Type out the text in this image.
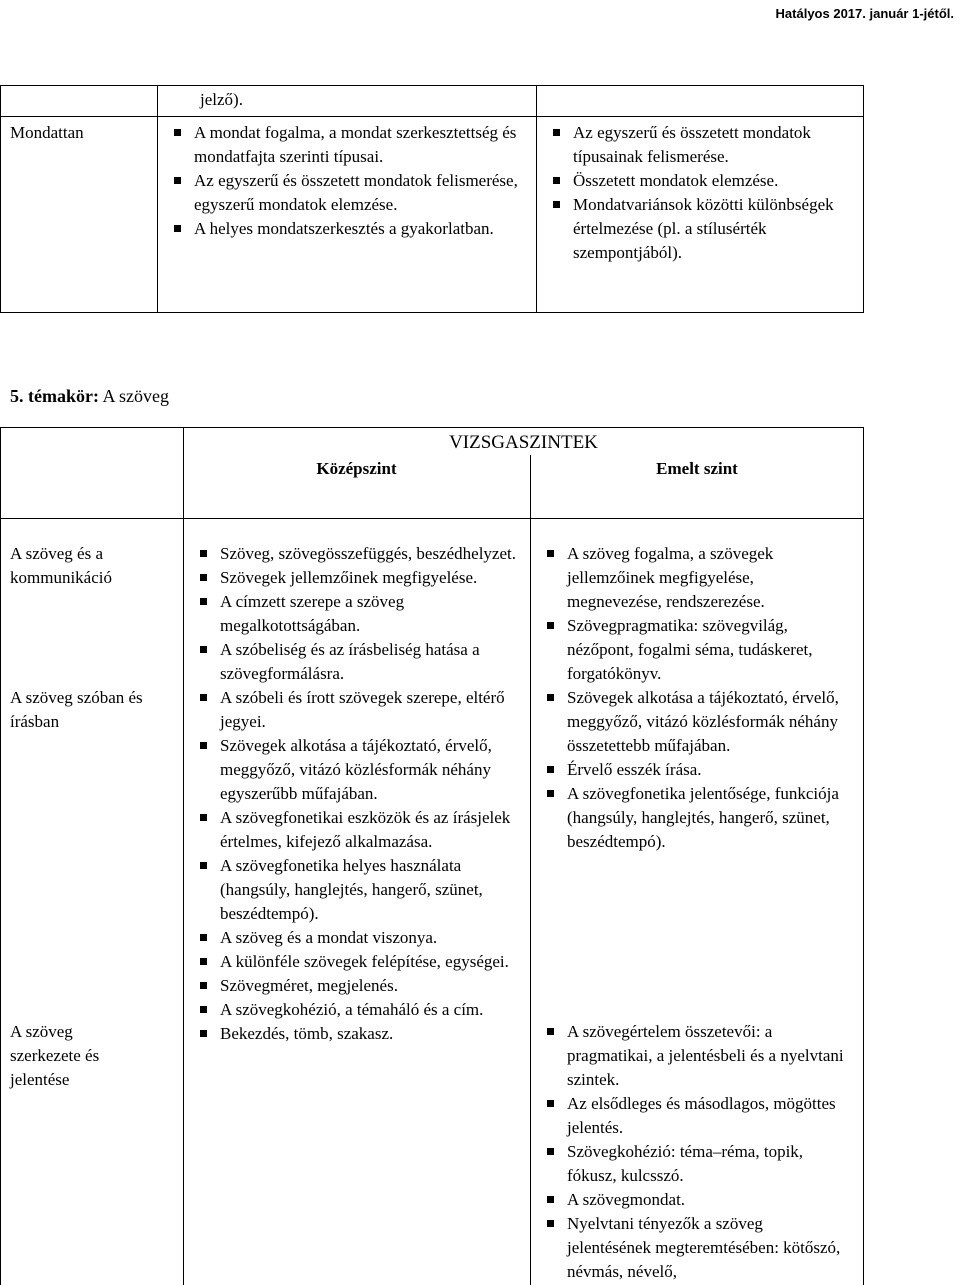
Hatályos 2017. január 1-jétől.
jelző).
Mondattan	A mondat fogalma, a mondat szerkesztettség és mondatfajta szerinti típusai.
Az egyszerű és összetett mondatok felismerése, egyszerű mondatok elemzése.
A helyes mondatszerkesztés a gyakorlatban.
Az egyszerű és összetett mondatok típusainak felismerése.
Összetett mondatok elemzése.
Mondatvariánsok közötti különbségek értelmezése (pl. a stílusérték szempontjából).
5. témakör: A szöveg
VIZSGASZINTEK
Középszint	Emelt szint
A szöveg és a kommunikáció
A szöveg szóban és írásban
A szöveg szerkezete és jelentése
Szöveg, szövegösszefüggés, beszédhelyzet.
Szövegek jellemzőinek megfigyelése.
A címzett szerepe a szöveg megalkotottságában.
A szóbeliség és az írásbeliség hatása a szövegformálásra.
A szóbeli és írott szövegek szerepe, eltérő jegyei.
Szövegek alkotása a tájékoztató, érvelő, meggyőző, vitázó közlésformák néhány egyszerűbb műfajában.
A szövegfonetikai eszközök és az írásjelek értelmes, kifejező alkalmazása.
A szövegfonetika helyes használata (hangsúly, hanglejtés, hangerő, szünet, beszédtempó).
A szöveg és a mondat viszonya.
A különféle szövegek felépítése, egységei.
Szövegméret, megjelenés.
A szövegkohézió, a témaháló és a cím.
Bekezdés, tömb, szakasz.
A szöveg fogalma, a szövegek jellemzőinek megfigyelése, megnevezése, rendszerezése.
Szövegpragmatika: szövegvilág, nézőpont, fogalmi séma, tudáskeret, forgatókönyv.
Szövegek alkotása a tájékoztató, érvelő, meggyőző, vitázó közlésformák néhány összetettebb műfajában.
Érvelő esszék írása.
A szövegfonetika jelentősége, funkciója (hangsúly, hanglejtés, hangerő, szünet, beszédtempó).
A szövegértelem összetevői: a pragmatikai, a jelentésbeli és a nyelvtani szintek.
Az elsődleges és másodlagos, mögöttes jelentés.
Szövegkohézió: téma–réma, topik, fókusz, kulcsszó.
A szövegmondat.
Nyelvtani tényezők a szöveg jelentésének megteremtésében: kötőszó, névmás, névelő,
